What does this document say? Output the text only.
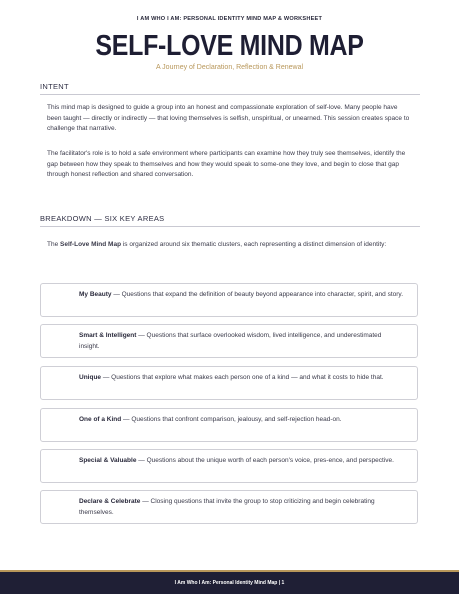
I AM WHO I AM: PERSONAL IDENTITY MIND MAP & WORKSHEET
SELF-LOVE MIND MAP
A Journey of Declaration, Reflection & Renewal
INTENT
This mind map is designed to guide a group into an honest and compassionate exploration of self-love. Many people have been taught — directly or indirectly — that loving themselves is selfish, unspiritual, or unearned. This session creates space to challenge that narrative.
The facilitator's role is to hold a safe environment where participants can examine how they truly see themselves, identify the gap between how they speak to themselves and how they would speak to some-one they love, and begin to close that gap through honest reflection and shared conversation.
BREAKDOWN — SIX KEY AREAS
The Self-Love Mind Map is organized around six thematic clusters, each representing a distinct dimension of identity:
My Beauty — Questions that expand the definition of beauty beyond appearance into character, spirit, and story.
Smart & Intelligent — Questions that surface overlooked wisdom, lived intelligence, and underestimated insight.
Unique — Questions that explore what makes each person one of a kind — and what it costs to hide that.
One of a Kind — Questions that confront comparison, jealousy, and self-rejection head-on.
Special & Valuable — Questions about the unique worth of each person's voice, pres-ence, and perspective.
Declare & Celebrate — Closing questions that invite the group to stop criticizing and begin celebrating themselves.
I Am Who I Am: Personal Identity Mind Map | 1
